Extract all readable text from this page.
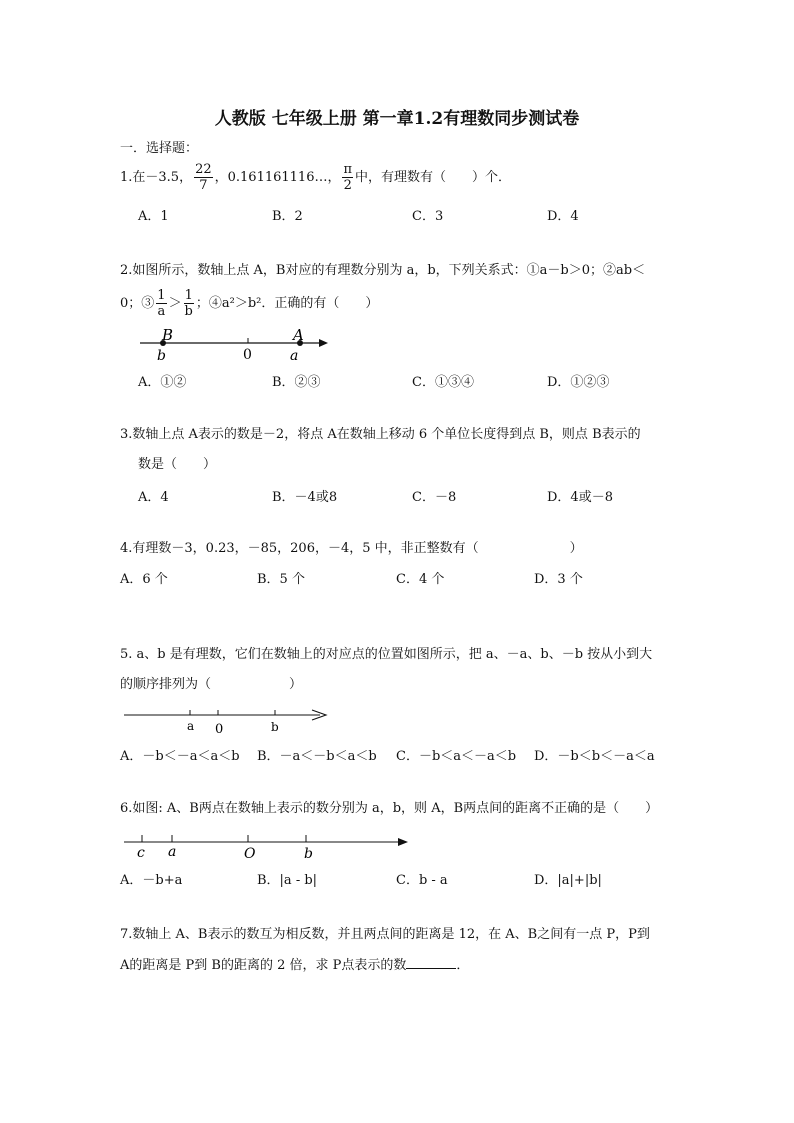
人教版 七年级上册 第一章1.2有理数同步测试卷
一．选择题：
1.在－3.5， $\frac{22}{7}$ ，0.161161116…， $\frac{\pi}{2}$ 中，有理数有（　　）个．
A．1	B．2	C．3	D．4
2.如图所示，数轴上点 A，B对应的有理数分别为 a，b，下列关系式：①a－b＞0；②ab＜
0；③ $\frac{1}{a} > \frac{1}{b}$ ；④a²＞b²．正确的有（　　）
B	A
b	0	a
A．①②	B．②③	C．①③④	D．①②③
3.数轴上点 A表示的数是－2，将点 A在数轴上移动 6 个单位长度得到点 B，则点 B表示的
数是（　　）
A．4	B．－4或8	C．－8	D．4或－8
4.有理数－3，0.23，－85，206，－4，5 中，非正整数有（　　　　　　　）
A．6 个	B．5 个	C．4 个	D．3 个
5. a、b 是有理数，它们在数轴上的对应点的位置如图所示，把 a、－a、b、－b 按从小到大
的顺序排列为（　　　　　　）
a 0	b
A．－b＜－a＜a＜b B．－a＜－b＜a＜b C．－b＜a＜－a＜b D．－b＜b＜－a＜a
6.如图: A、B两点在数轴上表示的数分别为 a，b，则 A，B两点间的距离不正确的是（　　）
c a	O	b
A．－b+a	B．|a - b|	C．b - a	D．|a|+|b|
7.数轴上 A、B表示的数互为相反数，并且两点间的距离是 12，在 A、B之间有一点 P，P到
A的距离是 P到 B的距离的 2 倍，求 P点表示的数	．
